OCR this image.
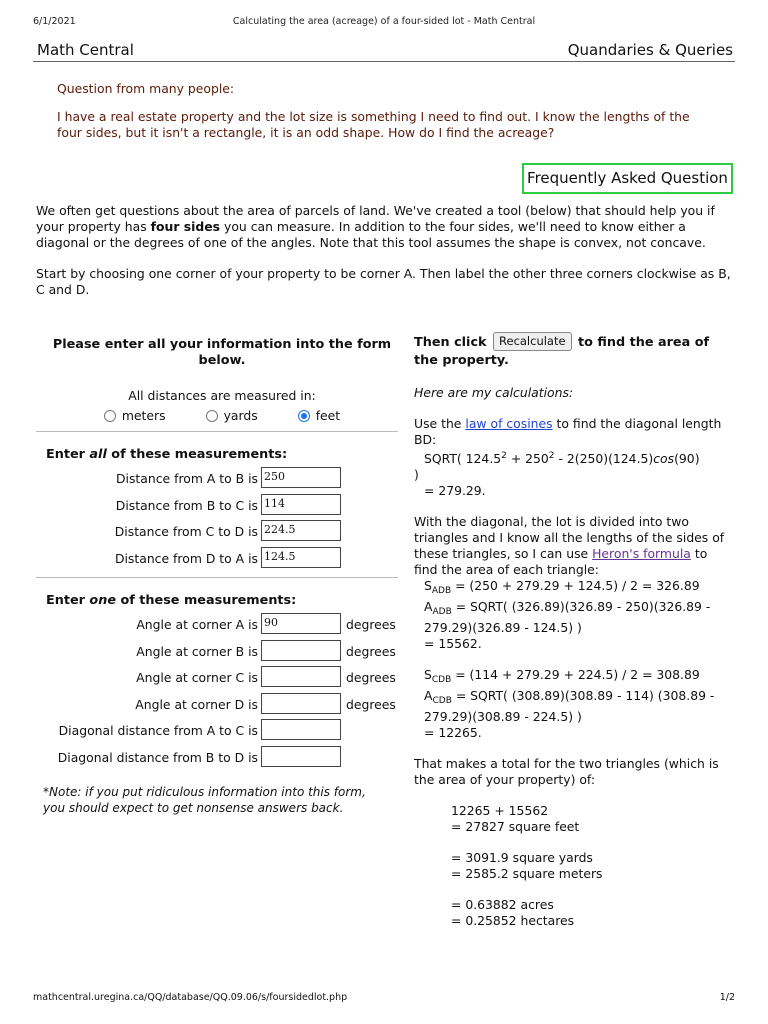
6/1/2021	Calculating the area (acreage) of a four-sided lot - Math Central
Math Central	Quandaries & Queries
Question from many people:
I have a real estate property and the lot size is something I need to find out. I know the lengths of the four sides, but it isn't a rectangle, it is an odd shape. How do I find the acreage?
Frequently Asked Question

We often get questions about the area of parcels of land. We've created a tool (below) that should help you if your property has four sides you can measure. In addition to the four sides, we'll need to know either a diagonal or the degrees of one of the angles. Note that this tool assumes the shape is convex, not concave.

Start by choosing one corner of your property to be corner A. Then label the other three corners clockwise as B, C and D.

Please enter all your information into the form below.
All distances are measured in:
meters	yards	feet
Enter all of these measurements:
Distance from A to B is 250
Distance from B to C is 114
Distance from C to D is 224.5
Distance from D to A is 124.5
Enter one of these measurements:
Angle at corner A is 90	degrees
Angle at corner B is	degrees
Angle at corner C is	degrees
Angle at corner D is	degrees
Diagonal distance from A to C is
Diagonal distance from B to D is
*Note: if you put ridiculous information into this form, you should expect to get nonsense answers back.
Then click Recalculate to find the area of the property.
Here are my calculations:

Use the law of cosines to find the diagonal length BD:

SQRT( $124.5^2 + 250^2 - 2(250)(124.5)\cos(90)$
)
= 279.29.

With the diagonal, the lot is divided into two triangles and I know all the lengths of the sides of these triangles, so I can use Heron's formula to find the area of each triangle:

$S_{ADB} = (250 + 279.29 + 124.5) / 2 = 326.89$
$A_{ADB}$ = SQRT( (326.89)(326.89 - 250)(326.89 - 279.29)(326.89 - 124.5) )
= 15562.
$S_{CDB} = (114 + 279.29 + 224.5) / 2 = 308.89$
$A_{CDB}$ = SQRT( (308.89)(308.89 - 114) (308.89 - 279.29)(308.89 - 224.5) )
= 12265.

That makes a total for the two triangles (which is the area of your property) of:

12265 + 15562
= 27827 square feet
= 3091.9 square yards
= 2585.2 square meters
= 0.63882 acres
= 0.25852 hectares
mathcentral.uregina.ca/QQ/database/QQ.09.06/s/foursidedlot.php	1/2
